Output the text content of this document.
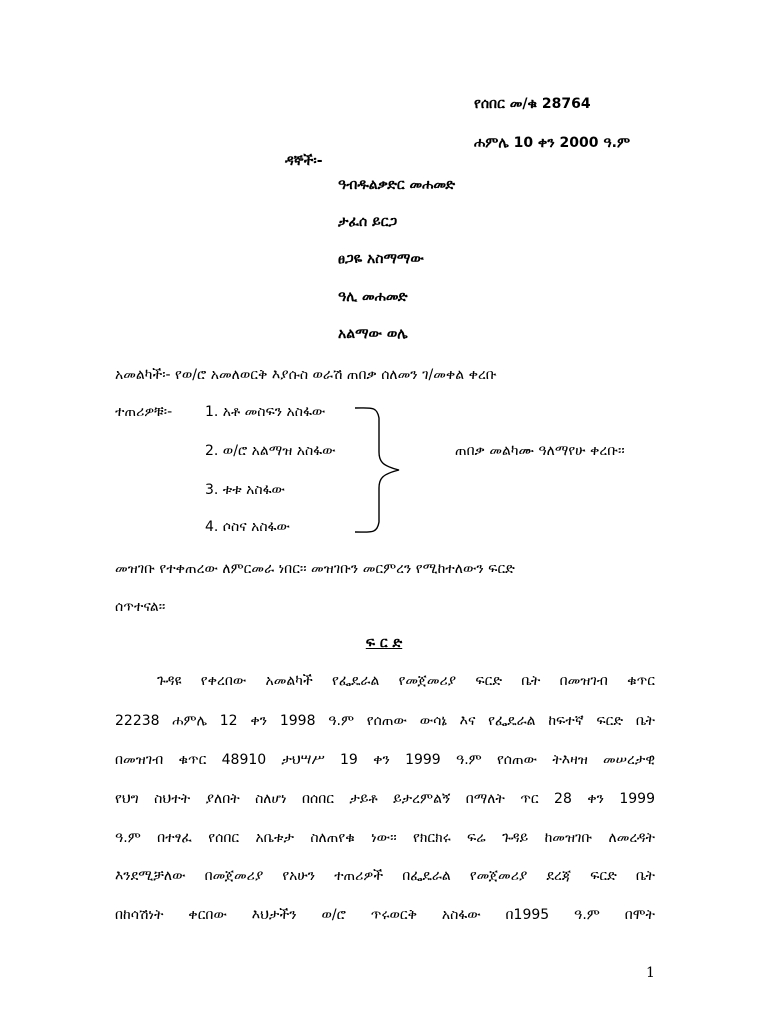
የሰበር መ/ቁ 28764
ሐምሌ 10 ቀን 2000 ዓ.ም
ዳኞች፡-
ዓብዱልቃድር መሐመድ
ታፈሰ ይርጋ
ፀጋዬ አስማማው
ዓሊ መሐመድ
አልማው ወሌ
አመልካች፡- የወ/ሮ አመለወርቅ እያሱስ ወራሽ ጠበቃ ሰለመን ገ/መቀል ቀረቡ
ተጠሪዎቹ፡- 1. አቶ መስፍን አስፋው
2. ወ/ሮ አልማዝ አስፋው
3. ቱቱ አስፋው
4. ሶስና አስፋው
ጠበቃ መልካሙ ዓለማየሁ ቀረቡ፡፡
መዝገቡ የተቀጠረው ለምርመራ ነበር፡፡ መዝገቡን መርምረን የሚከተለውን ፍርድ
ሰጥተናል፡፡
ፍ ር ድ
ጉዳዩ የቀረበው አመልካች የፌዴራል የመጀመሪያ ፍርድ ቤት በመዝገብ ቁጥር
22238 ሐምሌ 12 ቀን 1998 ዓ.ም የሰጠው ውሳኔ እና የፌዴራል ከፍተኛ ፍርድ ቤት
በመዝገብ ቁጥር 48910 ታህሣሥ 19 ቀን 1999 ዓ.ም የሰጠው ትእዛዝ መሠረታዊ
የህግ ስህተት ያለበት ስለሆነ በሰበር ታይቶ ይታረምልኝ በማለት ጥር 28 ቀን 1999
ዓ.ም በተፃፈ የሰበር አቤቱታ ስለጠየቁ ነው፡፡ የክርክሩ ፍሬ ጉዳይ ከመዝገቡ ለመረዳት
እንደሚቻለው በመጀመሪያ የአሁን ተጠሪዎች በፌዴራል የመጀመሪያ ደረጃ ፍርድ ቤት
በከሳሽነት ቀርበው እህታችን ወ/ሮ ጥሩወርቅ አስፋው በ1995 ዓ.ም በሞት
1
